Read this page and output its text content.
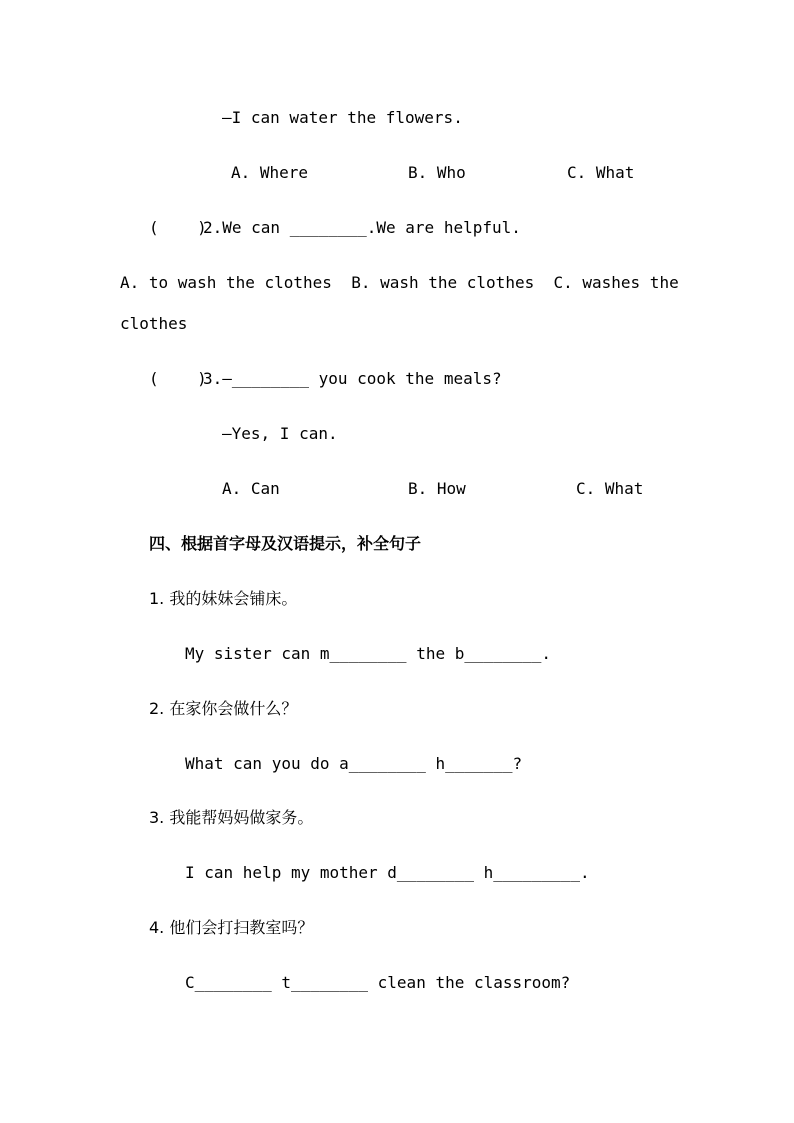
—I can water the flowers.
A. Where	B. Who	C. What
(    )
2.We can ________.We are helpful.
A. to wash the clothes  B. wash the clothes  C. washes the
clothes
(    )
3.—________ you cook the meals?
—Yes, I can.
A. Can	B. How	C. What
四、根据首字母及汉语提示，补全句子
1. 我的妹妹会铺床。
My sister can m________ the b________.
2. 在家你会做什么？
What can you do a________ h_______?
3. 我能帮妈妈做家务。
I can help my mother d________ h_________.
4. 他们会打扫教室吗？
C________ t________ clean the classroom?
